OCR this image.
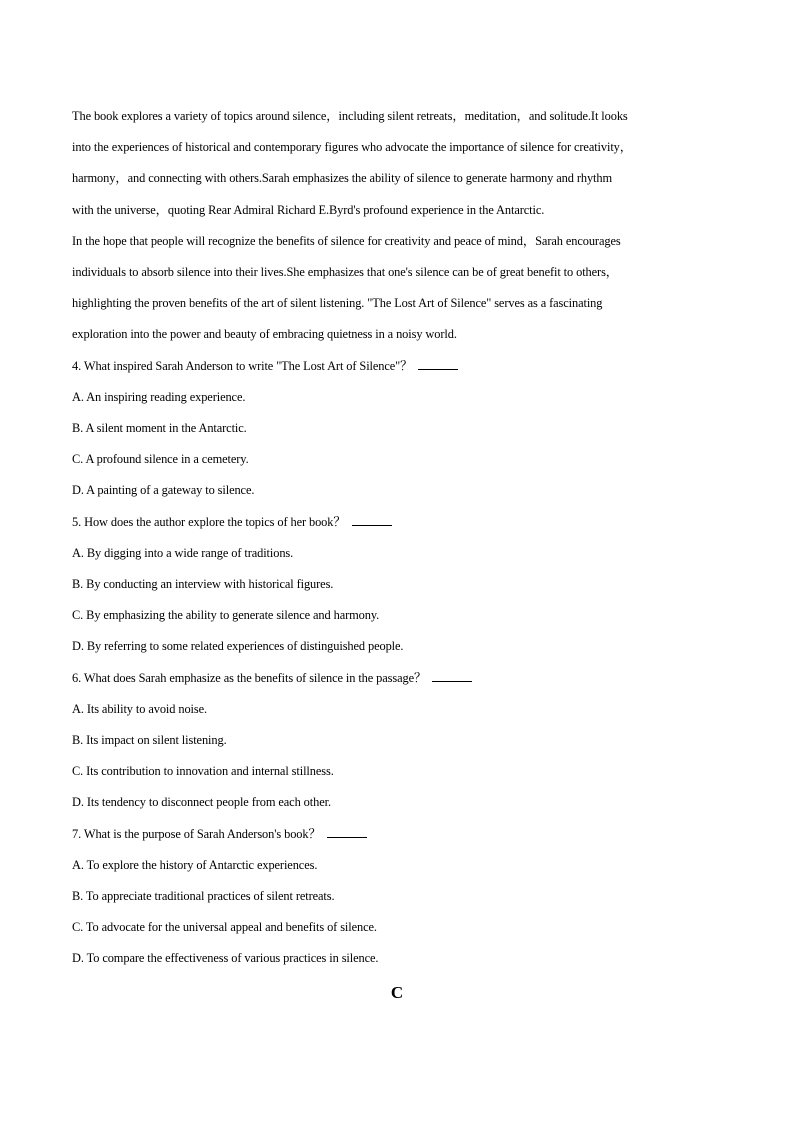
The book explores a variety of topics around silence，including silent retreats，meditation，and solitude.It looks
into the experiences of historical and contemporary figures who advocate the importance of silence for creativity，
harmony，and connecting with others.Sarah emphasizes the ability of silence to generate harmony and rhythm
with the universe，quoting Rear Admiral Richard E.Byrd's profound experience in the Antarctic.
In the hope that people will recognize the benefits of silence for creativity and peace of mind，Sarah encourages
individuals to absorb silence into their lives.She emphasizes that one's silence can be of great benefit to others，
highlighting the proven benefits of the art of silent listening. "The Lost Art of Silence" serves as a fascinating
exploration into the power and beauty of embracing quietness in a noisy world.
4. What inspired Sarah Anderson to write "The Lost Art of Silence"？
A. An inspiring reading experience.
B. A silent moment in the Antarctic.
C. A profound silence in a cemetery.
D. A painting of a gateway to silence.
5. How does the author explore the topics of her book？
A. By digging into a wide range of traditions.
B. By conducting an interview with historical figures.
C. By emphasizing the ability to generate silence and harmony.
D. By referring to some related experiences of distinguished people.
6. What does Sarah emphasize as the benefits of silence in the passage？
A. Its ability to avoid noise.
B. Its impact on silent listening.
C. Its contribution to innovation and internal stillness.
D. Its tendency to disconnect people from each other.
7. What is the purpose of Sarah Anderson's book？
A. To explore the history of Antarctic experiences.
B. To appreciate traditional practices of silent retreats.
C. To advocate for the universal appeal and benefits of silence.
D. To compare the effectiveness of various practices in silence.
C
